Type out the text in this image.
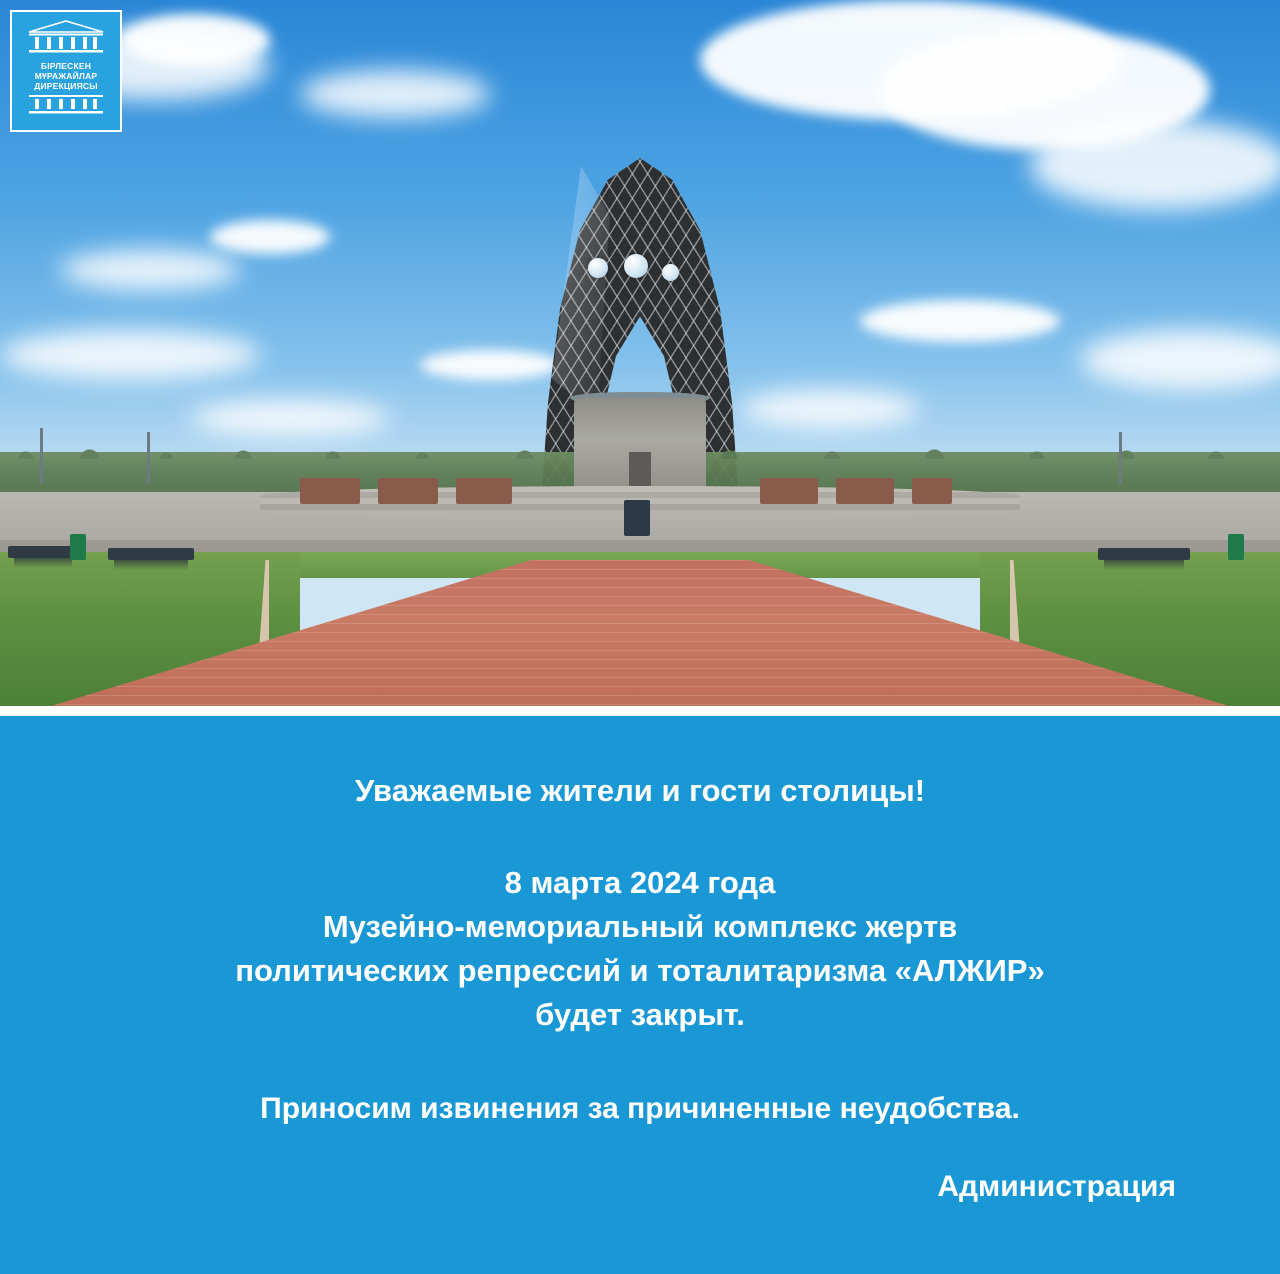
БІРЛЕСКЕН
МҰРАЖАЙЛАР
ДИРЕКЦИЯСЫ

Уважаемые жители и гости столицы!

8 марта 2024 года

Музейно-мемориальный комплекс жертв

политических репрессий и тоталитаризма «АЛЖИР»

будет закрыт.

Приносим извинения за причиненные неудобства.

Администрация
